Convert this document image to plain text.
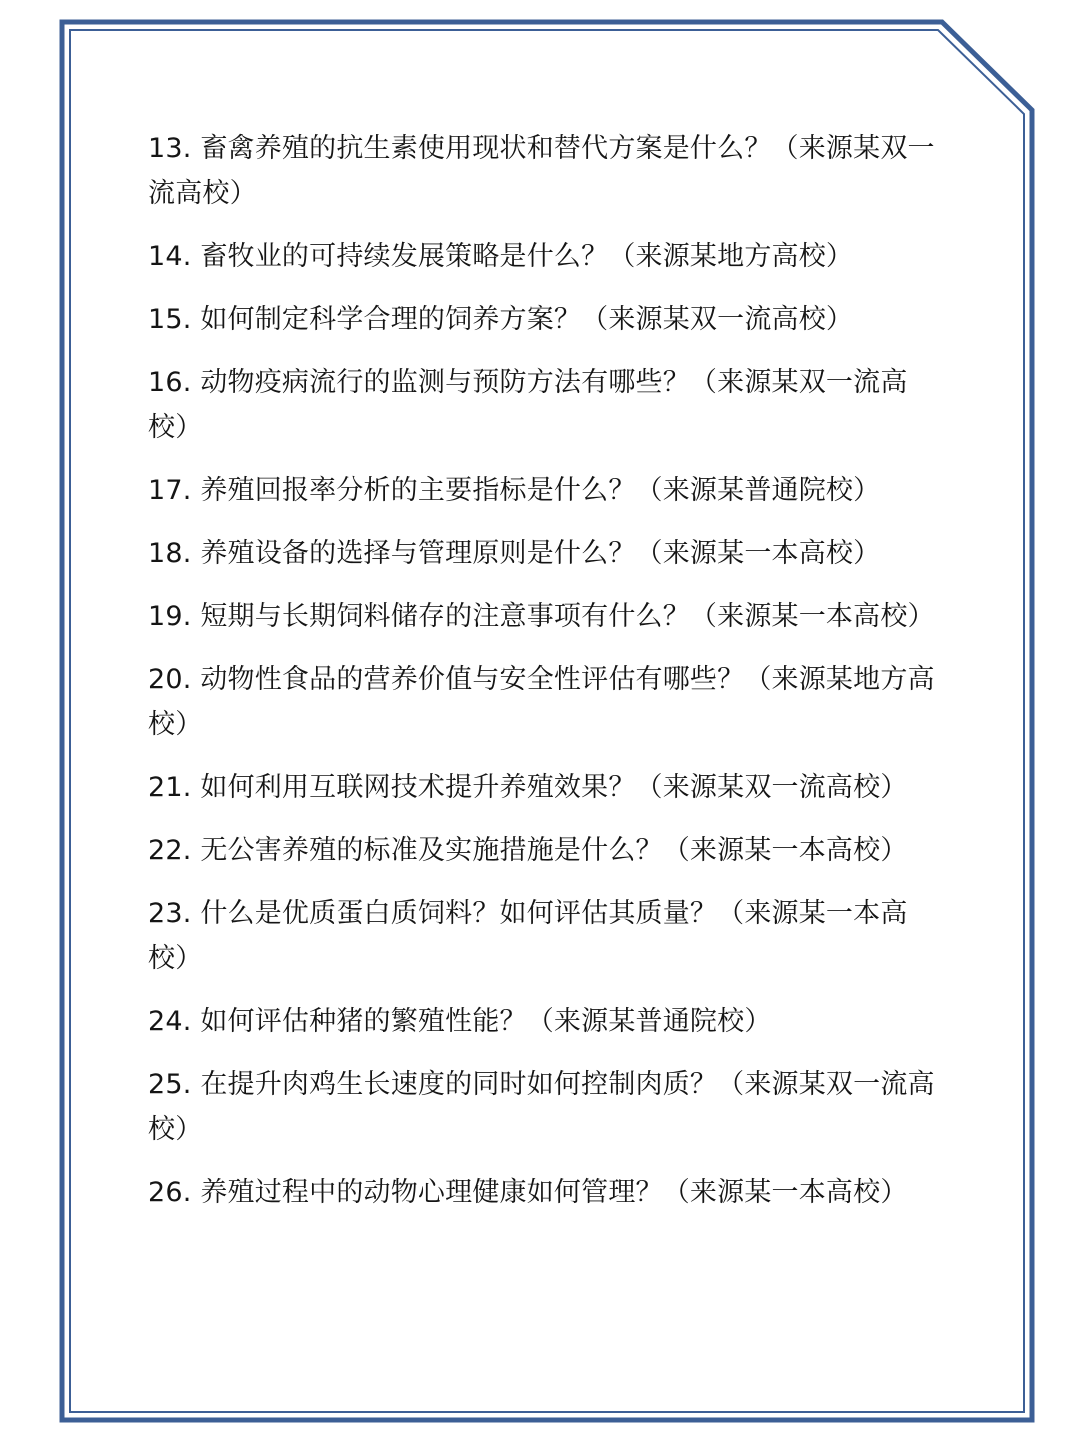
13. 畜禽养殖的抗生素使用现状和替代方案是什么？（来源某双一流高校）
14. 畜牧业的可持续发展策略是什么？（来源某地方高校）
15. 如何制定科学合理的饲养方案？（来源某双一流高校）
16. 动物疫病流行的监测与预防方法有哪些？（来源某双一流高校）
17. 养殖回报率分析的主要指标是什么？（来源某普通院校）
18. 养殖设备的选择与管理原则是什么？（来源某一本高校）
19. 短期与长期饲料储存的注意事项有什么？（来源某一本高校）
20. 动物性食品的营养价值与安全性评估有哪些？（来源某地方高校）
21. 如何利用互联网技术提升养殖效果？（来源某双一流高校）
22. 无公害养殖的标准及实施措施是什么？（来源某一本高校）
23. 什么是优质蛋白质饲料？如何评估其质量？（来源某一本高校）
24. 如何评估种猪的繁殖性能？（来源某普通院校）
25. 在提升肉鸡生长速度的同时如何控制肉质？（来源某双一流高校）
26. 养殖过程中的动物心理健康如何管理？（来源某一本高校）
